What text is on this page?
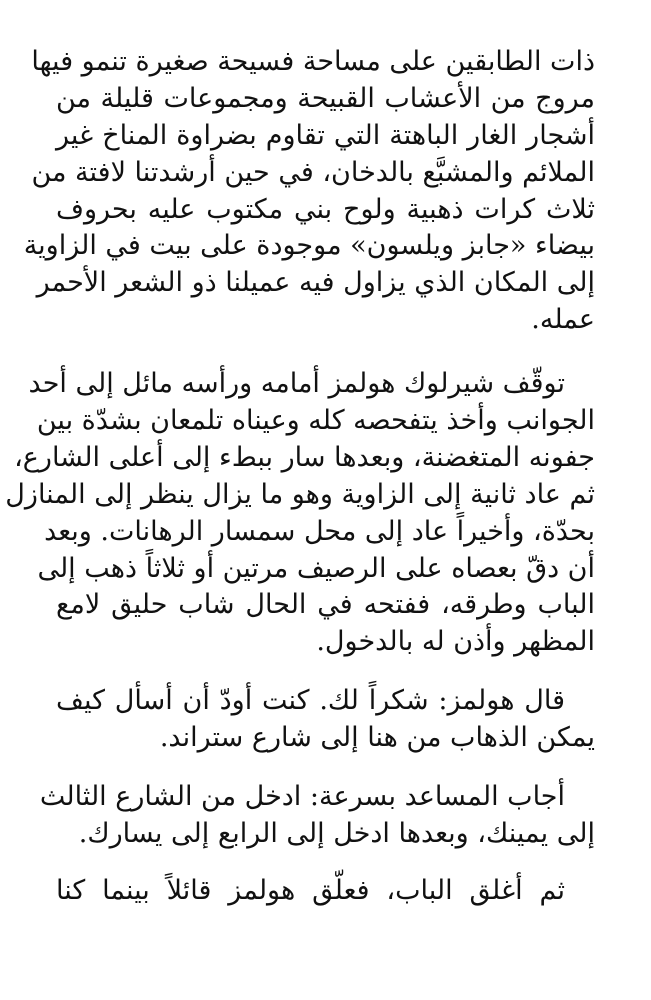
ذات الطابقين على مساحة فسيحة صغيرة تنمو فيها
مروج من الأعشاب القبيحة ومجموعات قليلة من
أشجار الغار الباهتة التي تقاوم بضراوة المناخ غير
الملائم والمشبَّع بالدخان، في حين أرشدتنا لافتة من
ثلاث كرات ذهبية ولوح بني مكتوب عليه بحروف
بيضاء «جابز ويلسون» موجودة على بيت في الزاوية
إلى المكان الذي يزاول فيه عميلنا ذو الشعر الأحمر
عمله.
توقّف شيرلوك هولمز أمامه ورأسه مائل إلى أحد
الجوانب وأخذ يتفحصه كله وعيناه تلمعان بشدّة بين
جفونه المتغضنة، وبعدها سار ببطء إلى أعلى الشارع،
ثم عاد ثانية إلى الزاوية وهو ما يزال ينظر إلى المنازل
بحدّة، وأخيراً عاد إلى محل سمسار الرهانات. وبعد
أن دقّ بعصاه على الرصيف مرتين أو ثلاثاً ذهب إلى
الباب وطرقه، ففتحه في الحال شاب حليق لامع
المظهر وأذن له بالدخول.
قال هولمز: شكراً لك. كنت أودّ أن أسأل كيف
يمكن الذهاب من هنا إلى شارع ستراند.
أجاب المساعد بسرعة: ادخل من الشارع الثالث
إلى يمينك، وبعدها ادخل إلى الرابع إلى يسارك.
ثم أغلق الباب، فعلّق هولمز قائلاً بينما كنا
